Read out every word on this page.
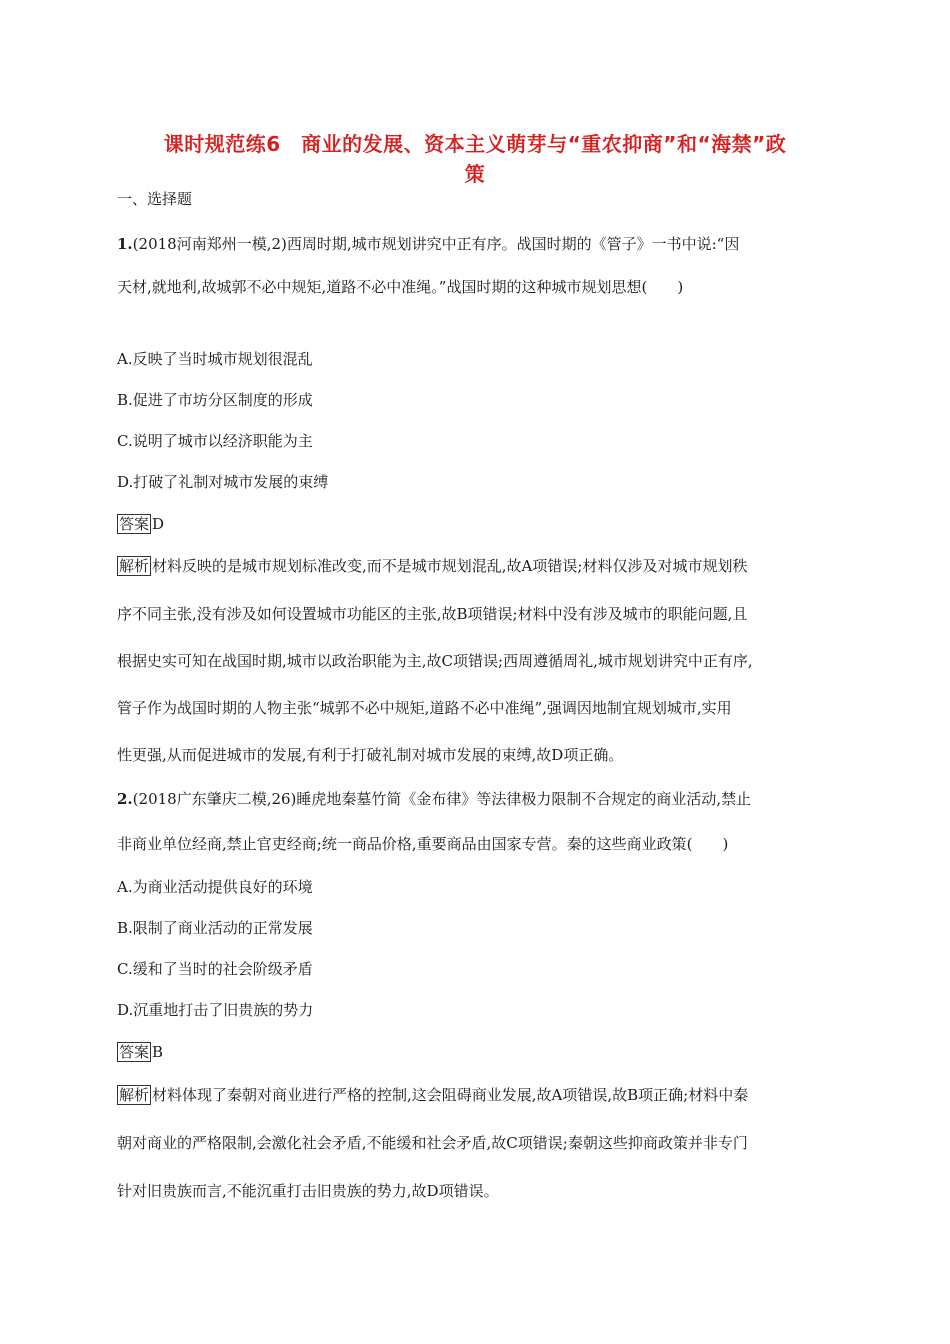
课时规范练6　商业的发展、资本主义萌芽与“重农抑商”和“海禁”政
策
一、选择题
1.(2018河南郑州一模,2)西周时期,城市规划讲究中正有序。战国时期的《管子》一书中说:“因
天材,就地利,故城郭不必中规矩,道路不必中准绳。”战国时期的这种城市规划思想(　　)
A.反映了当时城市规划很混乱
B.促进了市坊分区制度的形成
C.说明了城市以经济职能为主
D.打破了礼制对城市发展的束缚
答案 D
解析 材料反映的是城市规划标准改变,而不是城市规划混乱,故A项错误;材料仅涉及对城市规划秩
序不同主张,没有涉及如何设置城市功能区的主张,故B项错误;材料中没有涉及城市的职能问题,且
根据史实可知在战国时期,城市以政治职能为主,故C项错误;西周遵循周礼,城市规划讲究中正有序,
管子作为战国时期的人物主张“城郭不必中规矩,道路不必中准绳”,强调因地制宜规划城市,实用
性更强,从而促进城市的发展,有利于打破礼制对城市发展的束缚,故D项正确。
2.(2018广东肇庆二模,26)睡虎地秦墓竹简《金布律》等法律极力限制不合规定的商业活动,禁止
非商业单位经商,禁止官吏经商;统一商品价格,重要商品由国家专营。秦的这些商业政策(　　)
A.为商业活动提供良好的环境
B.限制了商业活动的正常发展
C.缓和了当时的社会阶级矛盾
D.沉重地打击了旧贵族的势力
答案 B
解析 材料体现了秦朝对商业进行严格的控制,这会阻碍商业发展,故A项错误,故B项正确;材料中秦
朝对商业的严格限制,会激化社会矛盾,不能缓和社会矛盾,故C项错误;秦朝这些抑商政策并非专门
针对旧贵族而言,不能沉重打击旧贵族的势力,故D项错误。
